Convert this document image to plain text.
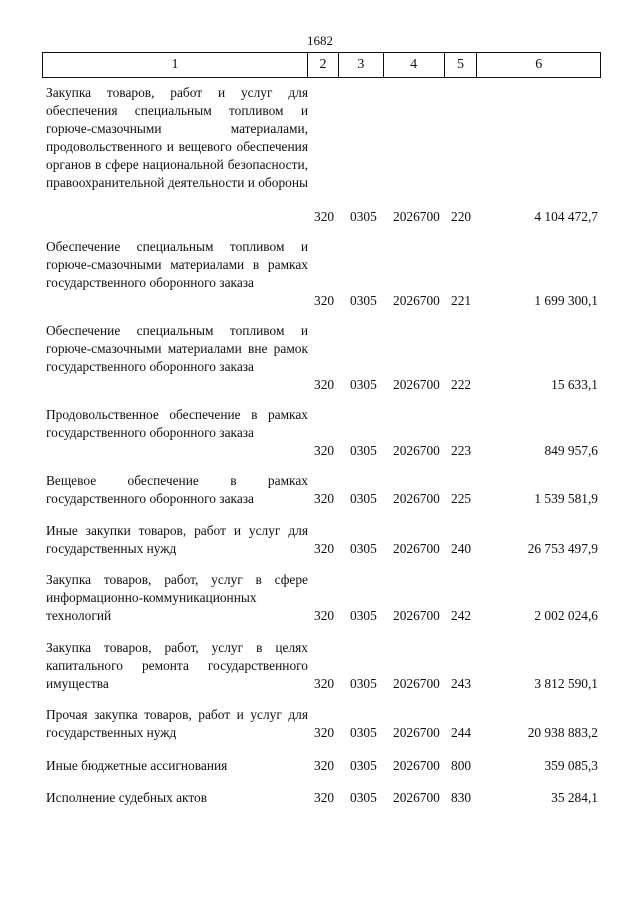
1682
1	2	3	4	5	6
Закупка товаров, работ и услуг для обеспечения специальным топливом и горюче-смазочными материалами, продовольственного и вещевого обеспечения органов в сфере национальной безопасности, правоохранительной деятельности и обороны
320 0305 2026700 220	4 104 472,7
Обеспечение специальным топливом и горюче-смазочными материалами в рамках государственного оборонного заказа
320 0305 2026700 221	1 699 300,1
Обеспечение специальным топливом и горюче-смазочными материалами вне рамок государственного оборонного заказа
320 0305 2026700 222	15 633,1
Продовольственное обеспечение в рамках государственного оборонного заказа
320 0305 2026700 223	849 957,6
Вещевое обеспечение в рамках государственного оборонного заказа	320 0305 2026700 225	1 539 581,9
Иные закупки товаров, работ и услуг для государственных нужд	320 0305 2026700 240	26 753 497,9
Закупка товаров, работ, услуг в сфере информационно-коммуникационных технологий	320 0305 2026700 242	2 002 024,6
Закупка товаров, работ, услуг в целях капитального ремонта государственного имущества	320 0305 2026700 243	3 812 590,1
Прочая закупка товаров, работ и услуг для государственных нужд	320 0305 2026700 244	20 938 883,2
Иные бюджетные ассигнования	320 0305 2026700 800	359 085,3
Исполнение судебных актов	320 0305 2026700 830	35 284,1
